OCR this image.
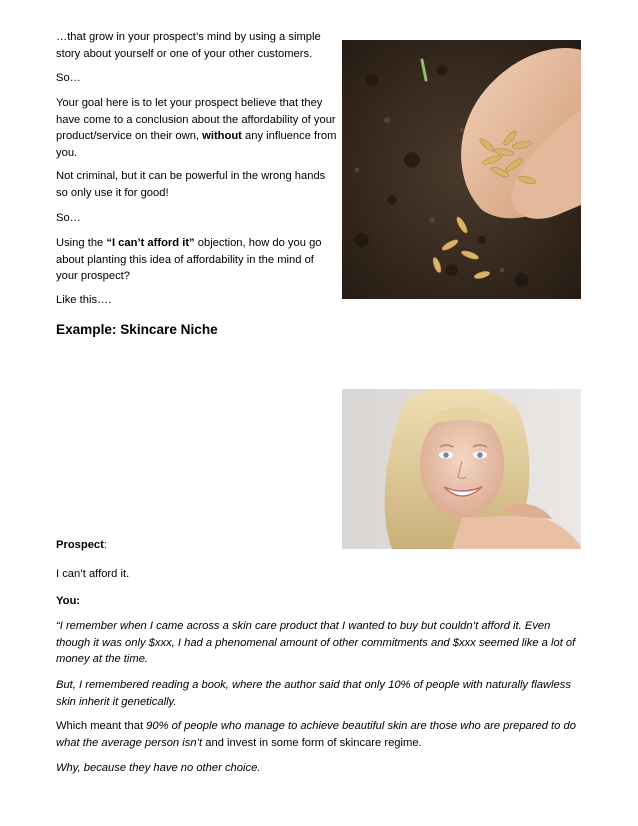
…that grow in your prospect’s mind by using a simple story about yourself or one of your other customers.

So…

Your goal here is to let your prospect believe that they have come to a conclusion about the affordability of your product/service on their own, without any influence from you.

Not criminal, but it can be powerful in the wrong hands so only use it for good!

So…

Using the “I can’t afford it” objection, how do you go about planting this idea of affordability in the mind of your prospect?

Like this….

Example: Skincare Niche

Prospect:

I can’t afford it.

You:

“I remember when I came across a skin care product that I wanted to buy but couldn’t afford it. Even though it was only $xxx, I had a phenomenal amount of other commitments and $xxx seemed like a lot of money at the time.

But, I remembered reading a book, where the author said that only 10% of people with naturally flawless skin inherit it genetically.

Which meant that 90% of people who manage to achieve beautiful skin are those who are prepared to do what the average person isn’t and invest in some form of skincare regime.

Why, because they have no other choice.
